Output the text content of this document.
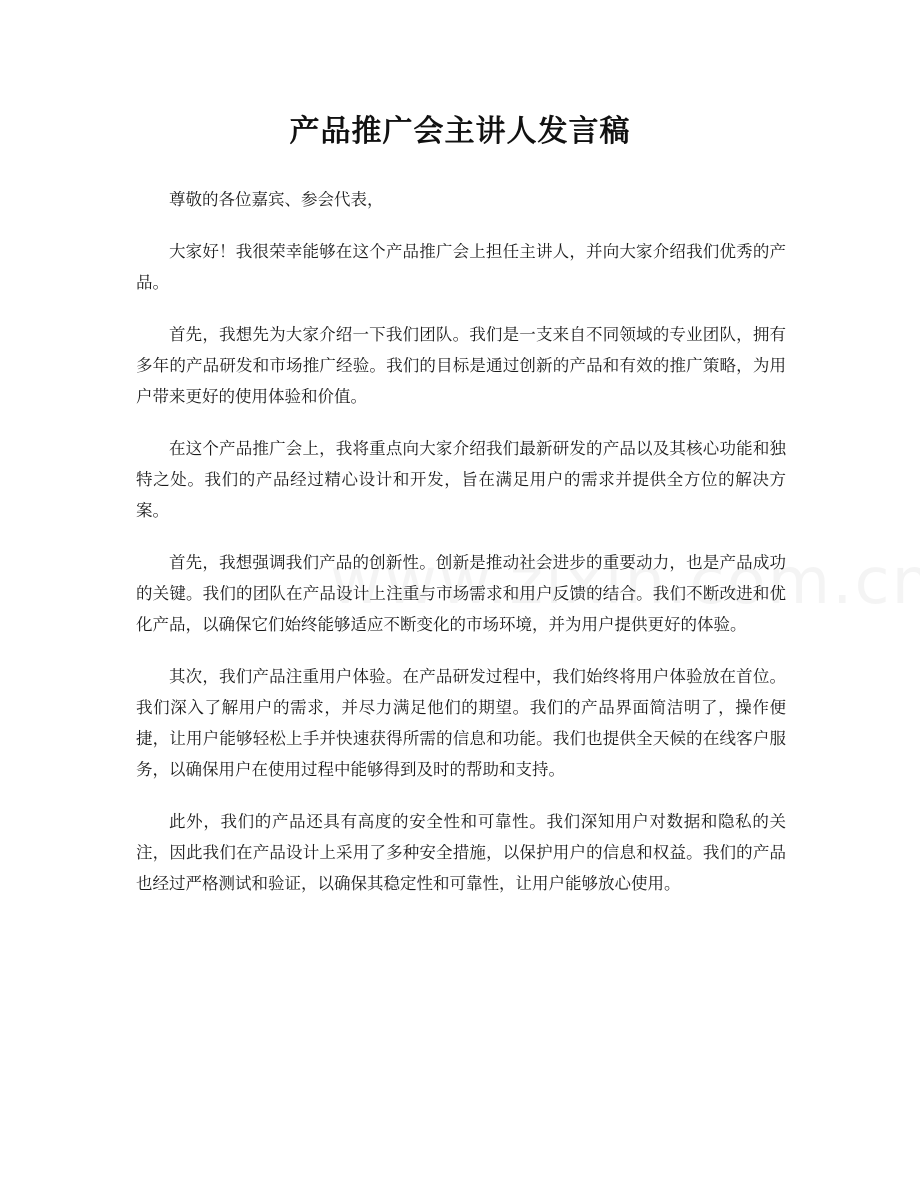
产品推广会主讲人发言稿

尊敬的各位嘉宾、参会代表，

大家好！我很荣幸能够在这个产品推广会上担任主讲人，并向大家介绍我们优秀的产品。

首先，我想先为大家介绍一下我们团队。我们是一支来自不同领域的专业团队，拥有多年的产品研发和市场推广经验。我们的目标是通过创新的产品和有效的推广策略，为用户带来更好的使用体验和价值。

在这个产品推广会上，我将重点向大家介绍我们最新研发的产品以及其核心功能和独特之处。我们的产品经过精心设计和开发，旨在满足用户的需求并提供全方位的解决方案。

首先，我想强调我们产品的创新性。创新是推动社会进步的重要动力，也是产品成功的关键。我们的团队在产品设计上注重与市场需求和用户反馈的结合。我们不断改进和优化产品，以确保它们始终能够适应不断变化的市场环境，并为用户提供更好的体验。

其次，我们产品注重用户体验。在产品研发过程中，我们始终将用户体验放在首位。我们深入了解用户的需求，并尽力满足他们的期望。我们的产品界面简洁明了，操作便捷，让用户能够轻松上手并快速获得所需的信息和功能。我们也提供全天候的在线客户服务，以确保用户在使用过程中能够得到及时的帮助和支持。

此外，我们的产品还具有高度的安全性和可靠性。我们深知用户对数据和隐私的关注，因此我们在产品设计上采用了多种安全措施，以保护用户的信息和权益。我们的产品也经过严格测试和验证，以确保其稳定性和可靠性，让用户能够放心使用。
